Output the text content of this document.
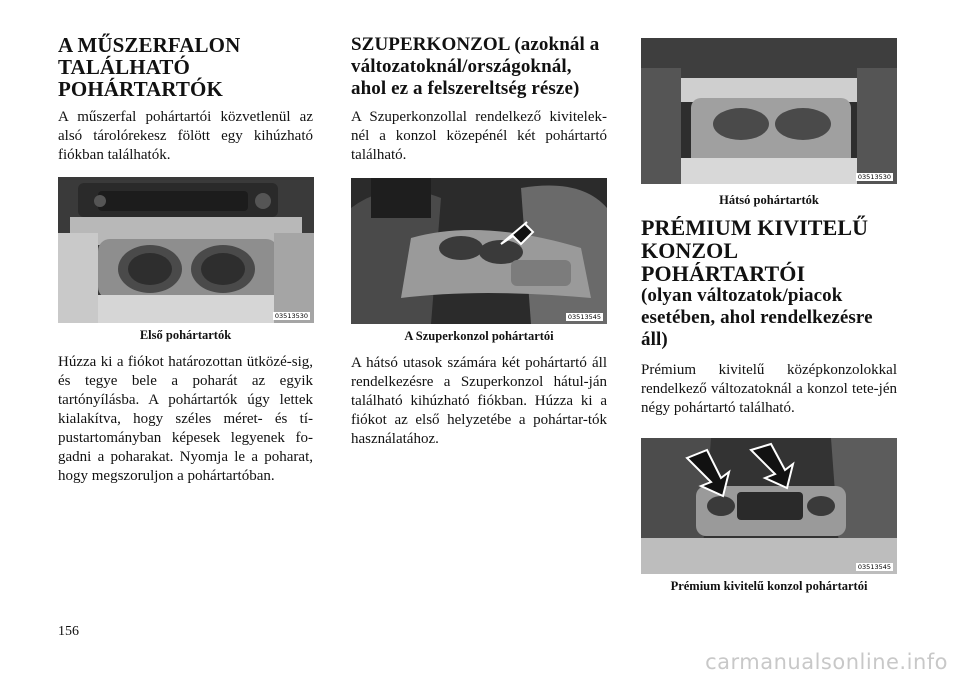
A MŰSZERFALON TALÁLHATÓ POHÁRTARTÓK

A műszerfal pohártartói közvetlenül az alsó tárolórekesz fölött egy kihúzható fiókban találhatók.

03513530
Első pohártartók

Húzza ki a fiókot határozottan ütközé-sig, és tegye bele a poharát az egyik tartónyílásba. A pohártartók úgy lettek kialakítva, hogy széles méret- és tí-pustartományban képesek legyenek fo-gadni a poharakat. Nyomja le a poharat, hogy megszoruljon a pohártartóban.

SZUPERKONZOL (azoknál a változatoknál/országoknál, ahol ez a felszereltség része)

A Szuperkonzollal rendelkező kivitelek-nél a konzol közepénél két pohártartó található.

03513545
A Szuperkonzol pohártartói

A hátsó utasok számára két pohártartó áll rendelkezésre a Szuperkonzol hátul-ján található kihúzható fiókban. Húzza ki a fiókot az első helyzetébe a pohártar-tók használatához.

03513530
Hátsó pohártartók
PRÉMIUM KIVITELŰ KONZOL POHÁRTARTÓI
(olyan változatok/piacok esetében, ahol rendelkezésre áll)

Prémium kivitelű középkonzolokkal rendelkező változatoknál a konzol tete-jén négy pohártartó található.

03513545
Prémium kivitelű konzol pohártartói
156
carmanualsonline.info
